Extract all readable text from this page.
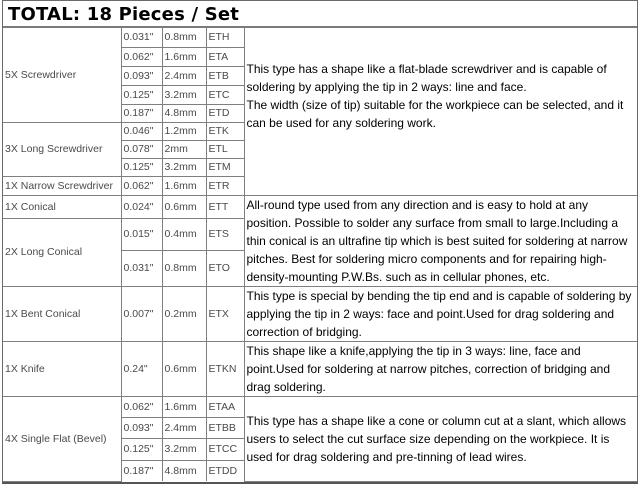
TOTAL: 18 Pieces / Set
5X Screwdriver	0.031"	0.8mm	ETH	This type has a shape like a flat-blade screwdriver and is capable of soldering by applying the tip in 2 ways: line and face.
The width (size of tip) suitable for the workpiece can be selected, and it can be used for any soldering work.

	0.062"	1.6mm	ETA	
	0.093"	2.4mm	ETB	
	0.125"	3.2mm	ETC	
	0.187"	4.8mm	ETD	
3X Long Screwdriver	0.046"	1.2mm	ETK	
	0.078"	2mm	ETL	
	0.125"	3.2mm	ETM	
1X Narrow Screwdriver	0.062"	1.6mm	ETR	
1X Conical	0.024"	0.6mm	ETT	All-round type used from any direction and is easy to hold at any position. Possible to solder any surface from small to large.Including a thin conical is an ultrafine tip which is best suited for soldering at narrow pitches. Best for soldering micro components and for repairing high-density-mounting P.W.Bs. such as in cellular phones, etc.
2X Long Conical	0.015"	0.4mm	ETS	
	0.031"	0.8mm	ETO	
1X Bent Conical	0.007"	0.2mm	ETX	This type is special by bending the tip end and is capable of soldering by applying the tip in 2 ways: face and point.Used for drag soldering and correction of bridging.
1X Knife	0.24"	0.6mm	ETKN	This shape like a knife,applying the tip in 3 ways: line, face and point.Used for soldering at narrow pitches, correction of bridging and drag soldering.
4X Single Flat (Bevel)	0.062"	1.6mm	ETAA	This type has a shape like a cone or column cut at a slant, which allows users to select the cut surface size depending on the workpiece. It is used for drag soldering and pre-tinning of lead wires.
	0.093"	2.4mm	ETBB	
	0.125"	3.2mm	ETCC	
	0.187"	4.8mm	ETDD	
